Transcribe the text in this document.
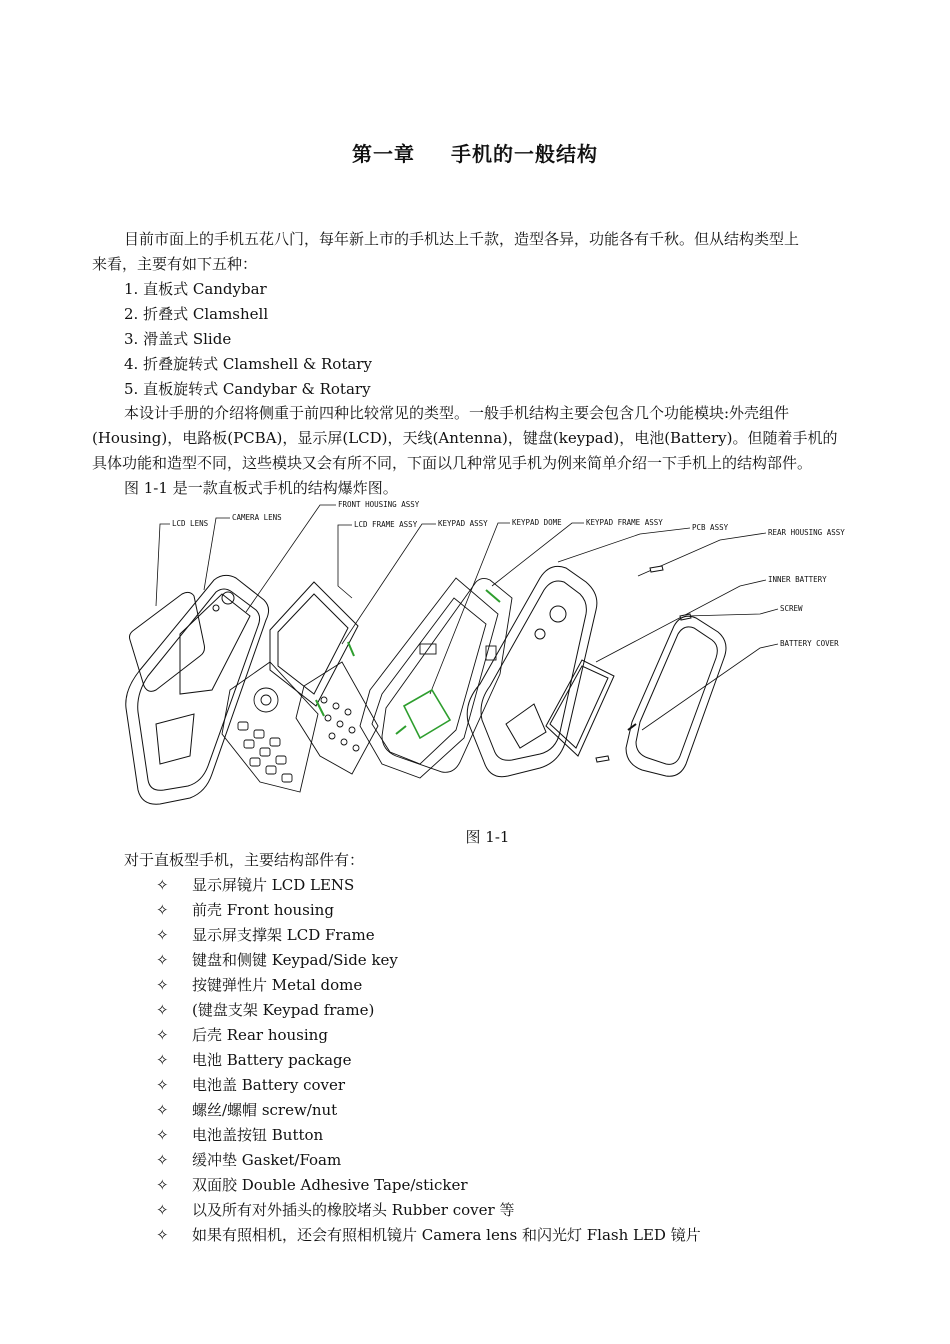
第一章 手机的一般结构
目前市面上的手机五花八门，每年新上市的手机达上千款，造型各异，功能各有千秋。但从结构类型上
来看，主要有如下五种：
1. 直板式 Candybar
2. 折叠式 Clamshell
3. 滑盖式 Slide
4. 折叠旋转式 Clamshell & Rotary
5. 直板旋转式 Candybar & Rotary
本设计手册的介绍将侧重于前四种比较常见的类型。一般手机结构主要会包含几个功能模块:外壳组件
(Housing)，电路板(PCBA)，显示屏(LCD)，天线(Antenna)，键盘(keypad)，电池(Battery)。但随着手机的
具体功能和造型不同，这些模块又会有所不同，下面以几种常见手机为例来简单介绍一下手机上的结构部件。
图 1-1 是一款直板式手机的结构爆炸图。
LCD LENS
CAMERA LENS
FRONT HOUSING ASSY
LCD FRAME ASSY	KEYPAD ASSY	KEYPAD DOME	KEYPAD FRAME ASSY
PCB ASSY
REAR HOUSING ASSY
INNER BATTERY
SCREW
BATTERY COVER
图 1-1
对于直板型手机，主要结构部件有：
✧ 显示屏镜片 LCD LENS
✧ 前壳 Front housing
✧ 显示屏支撑架 LCD Frame
✧ 键盘和侧键 Keypad/Side key
✧ 按键弹性片 Metal dome
✧ (键盘支架 Keypad frame)
✧ 后壳 Rear housing
✧ 电池 Battery package
✧ 电池盖 Battery cover
✧ 螺丝/螺帽 screw/nut
✧ 电池盖按钮 Button
✧ 缓冲垫 Gasket/Foam
✧ 双面胶 Double Adhesive Tape/sticker
✧ 以及所有对外插头的橡胶堵头 Rubber cover 等
✧ 如果有照相机，还会有照相机镜片 Camera lens 和闪光灯 Flash LED 镜片
